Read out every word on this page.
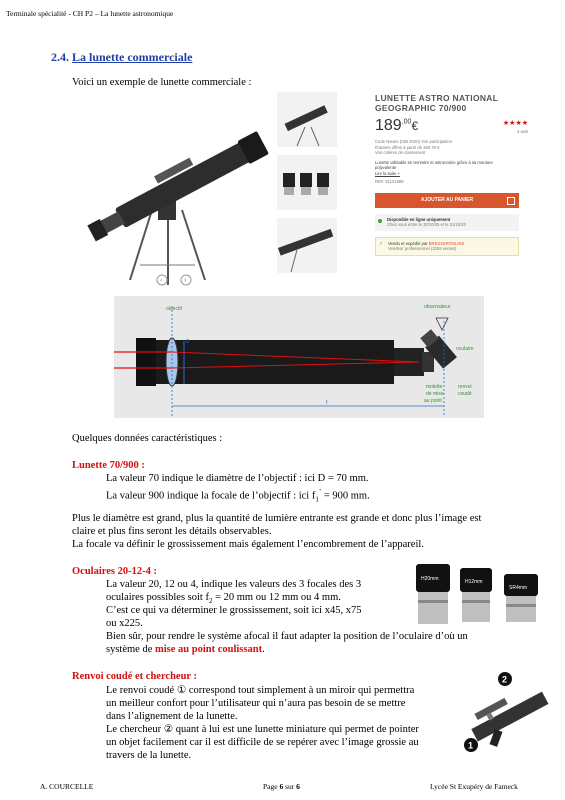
Terminale spécialité - CH P2 – La lunette astronomique
2.4. La lunette commerciale
Voici un exemple de lunette commerciale :
‹	›
LUNETTE ASTRO NATIONAL
GEOGRAPHIC 70/900
$189^{,00}€$	★★★★
4 avis
Code Nature (ISB 2020) Voir participation
D'autres offres à partir de 260,70 €
Voir critères de classement
Lunette utilisable en terrestre et astronomie grâce à sa monture
polyvalente
Lire la suite +
REF. 91131989
AJOUTER AU PANIER
Disponible en ligne uniquement
Chez vous entre le 30/10/20 et le 31/10/20
✓ Vendu et expédié par BRESSERONLINE
Vendeur professionnel (3259 ventes)
objectif	observateur
D
oculaire
molette
de mise
au point
renvoi
coudé
f
Quelques données caractéristiques :
Lunette 70/900 :
La valeur 70 indique le diamètre de l’objectif : ici D = 70 mm.
La valeur 900 indique la focale de l’objectif : ici $f_1^’ = 900$ mm.
Plus le diamètre est grand, plus la quantité de lumière entrante est grande et donc plus l’image est
claire et plus fins seront les détails observables.
La focale va définir le grossissement mais également l’encombrement de l’appareil.
Oculaires 20-12-4 :
La valeur 20, 12 ou 4, indique les valeurs des 3 focales des 3
oculaires possibles soit $f_2 = 20$ mm ou 12 mm ou 4 mm.
C’est ce qui va déterminer le grossissement, soit ici x45, x75
ou x225.
Bien sûr, pour rendre le système afocal il faut adapter la position de l’oculaire d’où un
système de mise au point coulissant.
H20mm	H12mm
SR4mm
Renvoi coudé et chercheur :
Le renvoi coudé ① correspond tout simplement à un miroir qui permettra
un meilleur confort pour l’utilisateur qui n’aura pas besoin de se mettre
dans l’alignement de la lunette.
Le chercheur ② quant à lui est une lunette miniature qui permet de pointer
un objet facilement car il est difficile de se repérer avec l’image grossie au
travers de la lunette.
2
1
A. COURCELLE	Page 6 sur 6	Lycée St Exupéry de Fameck
